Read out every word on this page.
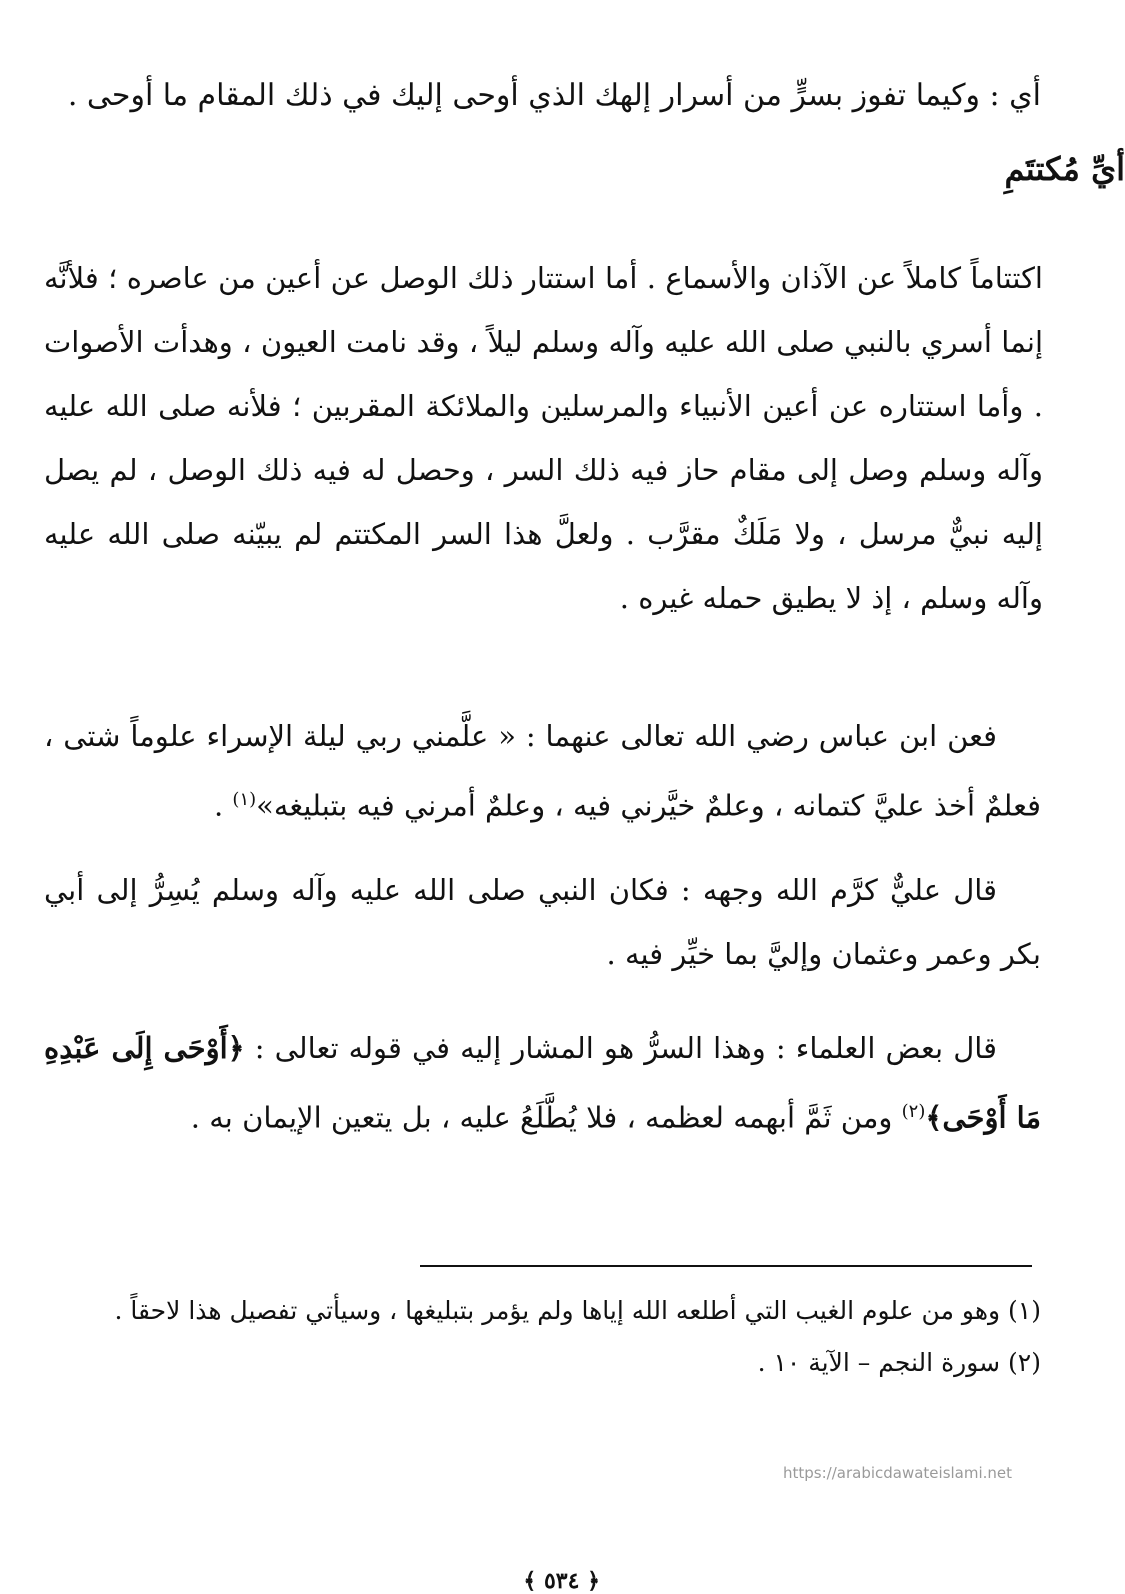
أي : وكيما تفوز بسرٍّ من أسرار إلهك الذي أوحى إليك في ذلك المقام ما أوحى .

أيِّ مُكتتَمِ

اكتتاماً كاملاً عن الآذان والأسماع . أما استتار ذلك الوصل عن أعين من عاصره ؛ فلأنَّه إنما أسري بالنبي صلى الله عليه وآله وسلم ليلاً ، وقد نامت العيون ، وهدأت الأصوات . وأما استتاره عن أعين الأنبياء والمرسلين والملائكة المقربين ؛ فلأنه صلى الله عليه وآله وسلم وصل إلى مقام حاز فيه ذلك السر ، وحصل له فيه ذلك الوصل ، لم يصل إليه نبيٌّ مرسل ، ولا مَلَكٌ مقرَّب . ولعلَّ هذا السر المكتتم لم يبيّنه صلى الله عليه وآله وسلم ، إذ لا يطيق حمله غيره .

فعن ابن عباس رضي الله تعالى عنهما : « علَّمني ربي ليلة الإسراء علوماً شتى ، فعلمٌ أخذ عليَّ كتمانه ، وعلمٌ خيَّرني فيه ، وعلمٌ أمرني فيه بتبليغه»$^{(١)}$ .

قال عليٌّ كرَّم الله وجهه : فكان النبي صلى الله عليه وآله وسلم يُسِرُّ إلى أبي بكر وعمر وعثمان وإليَّ بما خيِّر فيه .

قال بعض العلماء : وهذا السرُّ هو المشار إليه في قوله تعالى : ﴿أَوْحَى إِلَى عَبْدِهِ مَا أَوْحَى﴾$^{(٢)}$ ومن ثَمَّ أبهمه لعظمه ، فلا يُطَّلَعُ عليه ، بل يتعين الإيمان به .

(١) وهو من علوم الغيب التي أطلعه الله إياها ولم يؤمر بتبليغها ، وسيأتي تفصيل هذا لاحقاً .

(٢) سورة النجم – الآية ١٠ .

https://arabicdawateislami.net
﴿ ٥٣٤ ﴾
